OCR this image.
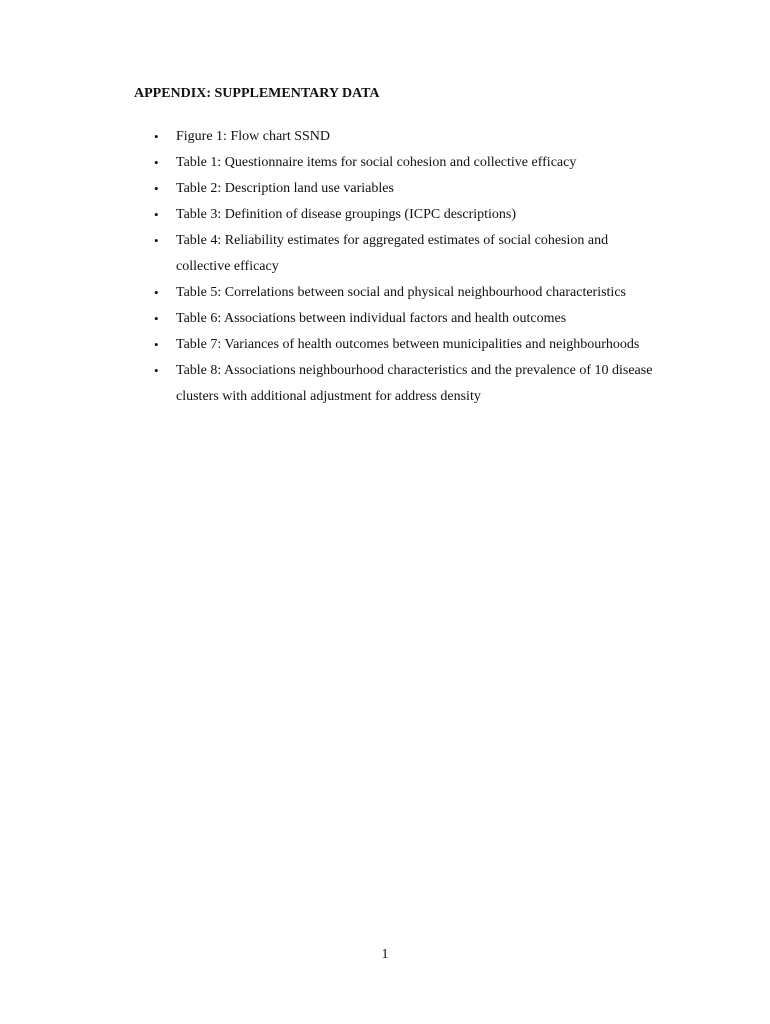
APPENDIX: SUPPLEMENTARY DATA
• Figure 1: Flow chart SSND
• Table 1: Questionnaire items for social cohesion and collective efficacy
• Table 2: Description land use variables
• Table 3: Definition of disease groupings (ICPC descriptions)
• Table 4: Reliability estimates for aggregated estimates of social cohesion and collective efficacy
• Table 5: Correlations between social and physical neighbourhood characteristics
• Table 6: Associations between individual factors and health outcomes
• Table 7: Variances of health outcomes between municipalities and neighbourhoods
• Table 8: Associations neighbourhood characteristics and the prevalence of 10 disease clusters with additional adjustment for address density
1
